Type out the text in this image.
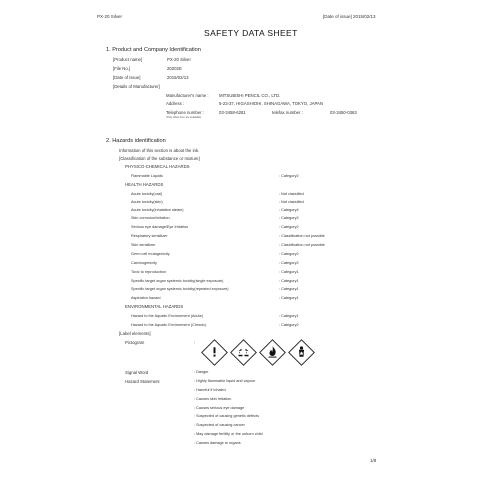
PX-20 Silver	[Date of issue] 2015/02/13
SAFETY DATA SHEET
1. Product and Company Identification
[Product name]	PX-20 Silver
[File No.]	20202E
[Date of issue]	2015/02/13
[Details of Manufacturer]
Manufacturer's name : MITSUBISHI PENCIL CO., LTD.
Address :	5-23-37, HIGASHIOHI, SHINAGAWA, TOKYO, JAPAN
Telephone number :	03-3458-6281	telefax number :	03-3450-0363
(Only office hour are available)
2. Hazards identification
Information of this section is about the ink.
[Classification of the substance or mixture]
PHYSICO-CHEMICAL HAZARDS
Flammable Liquids	: Category2
HEALTH HAZARDS
Acute toxicity(oral)	: Not classified
Acute toxicity(skin)	: Not classified
Acute toxicity(inhalation steam)	: Category4
Skin corrosion/irritation	: Category2
Serious eye damage/Eye Irritation	: Category2
Respiratory sensitizer	: Classification not possible
Skin sensitizer	: Classification not possible
Germ cell mutagenicity	: Category2
Carcinogenicity	: Category2
Toxic to reproduction	: Category1
Specific target organ systemic toxicity(single exposure)	: Category1
Specific target organ systemic toxicity(repeated exposure)	: Category1
Aspiration hazard	: Category1
ENVIRONMENTAL HAZARDS
Hazard to the Aquatic Environment (Acute)	: Category1
Hazard to the Aquatic Environment (Chronic)	: Category2
[Label elements]
Pictogram	:
Signal Word	: Danger
Hazard Statement	: Highly flammable liquid and vapour
: Harmful if inhaled
: Causes skin irritation
: Causes serious eye damage
: Suspected of causing genetic defects
: Suspected of causing cancer
: May damage fertility or the unborn child
: Causes damage to organs
1/8
